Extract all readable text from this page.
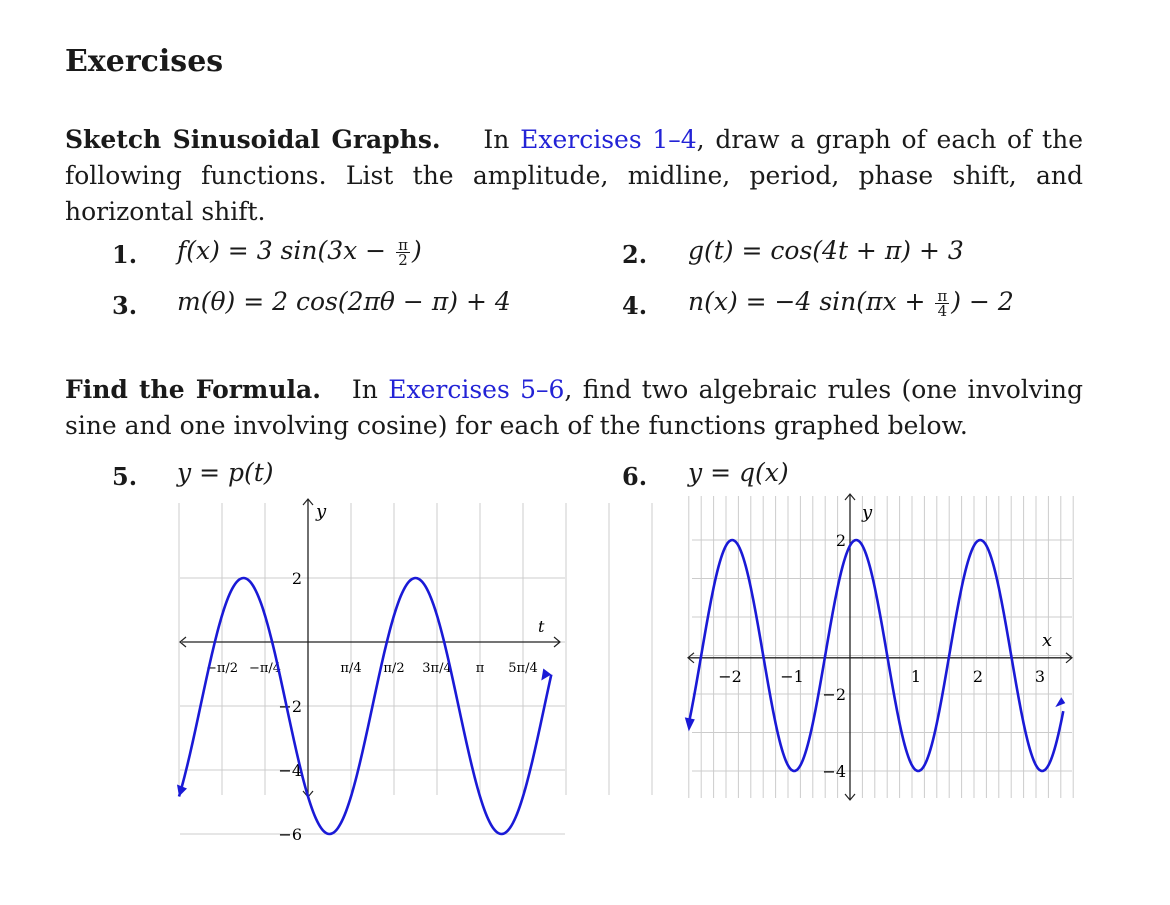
Exercises
Sketch Sinusoidal Graphs. In Exercises 1–4, draw a graph of each of the following functions. List the amplitude, midline, period, phase shift, and horizontal shift.
1. f(x) = 3 $\sin(3x - \frac{\pi}{2}$ )	2. g(t) = cos(4t + π) + 3
3. m(θ) = 2 cos(2πθ − π) + 4	4. n(x) = −4 $\sin(\pi x + \frac{\pi}{4}$ ) − 2
Find the Formula. In Exercises 5–6, find two algebraic rules (one involving sine and one involving cosine) for each of the functions graphed below.
5. y = p(t)	6. y = q(x)
y
t
2
−2
−4
−6
−π/2 −π/4	π/4 π/2 3π/4 π 5π/4
y
x
−2 −1	1	2	3
2
−2
−4
